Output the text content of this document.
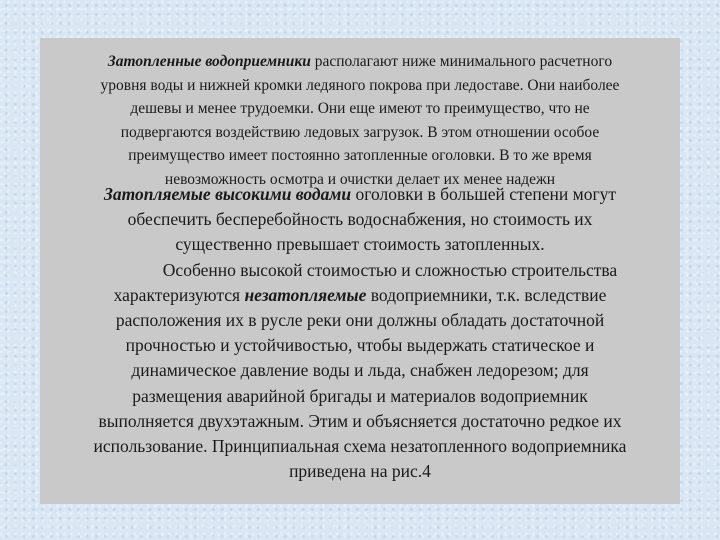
Затопленные водоприемники располагают ниже минимального расчетного
уровня воды и нижней кромки ледяного покрова при ледоставе. Они наиболее
дешевы и менее трудоемки. Они еще имеют то преимущество, что не
подвергаются воздействию ледовых загрузок. В этом отношении особое
преимущество имеет постоянно затопленные оголовки. В то же время
невозможность осмотра и очистки делает их менее надежн
Затопляемые высокими водами оголовки в большей степени могут
обеспечить бесперебойность водоснабжения, но стоимость их
существенно превышает стоимость затопленных.
Особенно высокой стоимостью и сложностью строительства
характеризуются незатопляемые водоприемники, т.к. вследствие
расположения их в русле реки они должны обладать достаточной
прочностью и устойчивостью, чтобы выдержать статическое и
динамическое давление воды и льда, снабжен ледорезом; для
размещения аварийной бригады и материалов водоприемник
выполняется двухэтажным. Этим и объясняется достаточно редкое их
использование. Принципиальная схема незатопленного водоприемника
приведена на рис.4
